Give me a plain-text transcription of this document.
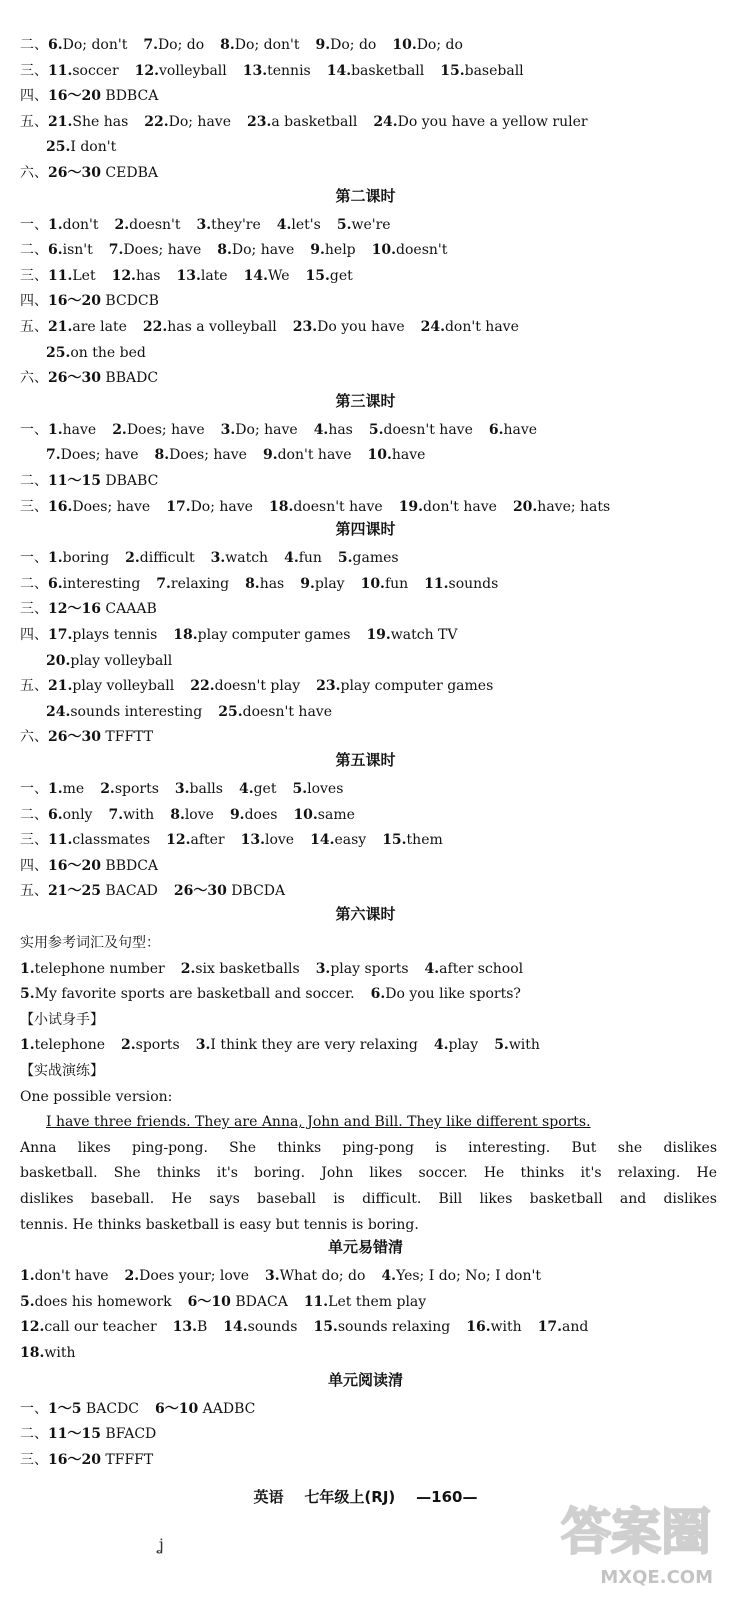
二、6.Do; don't 7.Do; do 8.Do; don't 9.Do; do 10.Do; do
三、11.soccer 12.volleyball 13.tennis 14.basketball 15.baseball
四、16～20 BDBCA
五、21.She has 22.Do; have 23.a basketball 24.Do you have a yellow ruler
25.I don't
六、26～30 CEDBA
第二课时
一、1.don't 2.doesn't 3.they're 4.let's 5.we're
二、6.isn't 7.Does; have 8.Do; have 9.help 10.doesn't
三、11.Let 12.has 13.late 14.We 15.get
四、16～20 BCDCB
五、21.are late 22.has a volleyball 23.Do you have 24.don't have
25.on the bed
六、26～30 BBADC
第三课时
一、1.have 2.Does; have 3.Do; have 4.has 5.doesn't have 6.have
7.Does; have 8.Does; have 9.don't have 10.have
二、11～15 DBABC
三、16.Does; have 17.Do; have 18.doesn't have 19.don't have 20.have; hats
第四课时
一、1.boring 2.difficult 3.watch 4.fun 5.games
二、6.interesting 7.relaxing 8.has 9.play 10.fun 11.sounds
三、12～16 CAAAB
四、17.plays tennis 18.play computer games 19.watch TV
20.play volleyball
五、21.play volleyball 22.doesn't play 23.play computer games
24.sounds interesting 25.doesn't have
六、26～30 TFFTT
第五课时
一、1.me 2.sports 3.balls 4.get 5.loves
二、6.only 7.with 8.love 9.does 10.same
三、11.classmates 12.after 13.love 14.easy 15.them
四、16～20 BBDCA
五、21～25 BACAD 26～30 DBCDA
第六课时
实用参考词汇及句型：
1.telephone number 2.six basketballs 3.play sports 4.after school
5.My favorite sports are basketball and soccer. 6.Do you like sports?
【小试身手】
1.telephone 2.sports 3.I think they are very relaxing 4.play 5.with
【实战演练】
One possible version:
I have three friends. They are Anna, John and Bill. They like different sports.
Anna likes ping-pong. She thinks ping-pong is interesting. But she dislikes
basketball. She thinks it's boring. John likes soccer. He thinks it's relaxing. He
dislikes baseball. He says baseball is difficult. Bill likes basketball and dislikes
tennis. He thinks basketball is easy but tennis is boring.
单元易错清
1.don't have 2.Does your; love 3.What do; do 4.Yes; I do; No; I don't
5.does his homework 6～10 BDACA 11.Let them play
12.call our teacher 13.B 14.sounds 15.sounds relaxing 16.with 17.and
18.with
单元阅读清
一、1～5 BACDC 6～10 AADBC
二、11～15 BFACD
三、16～20 TFFFT
英语 七年级上(RJ) —160—
ʝ	答案圈
MXQE.COM
